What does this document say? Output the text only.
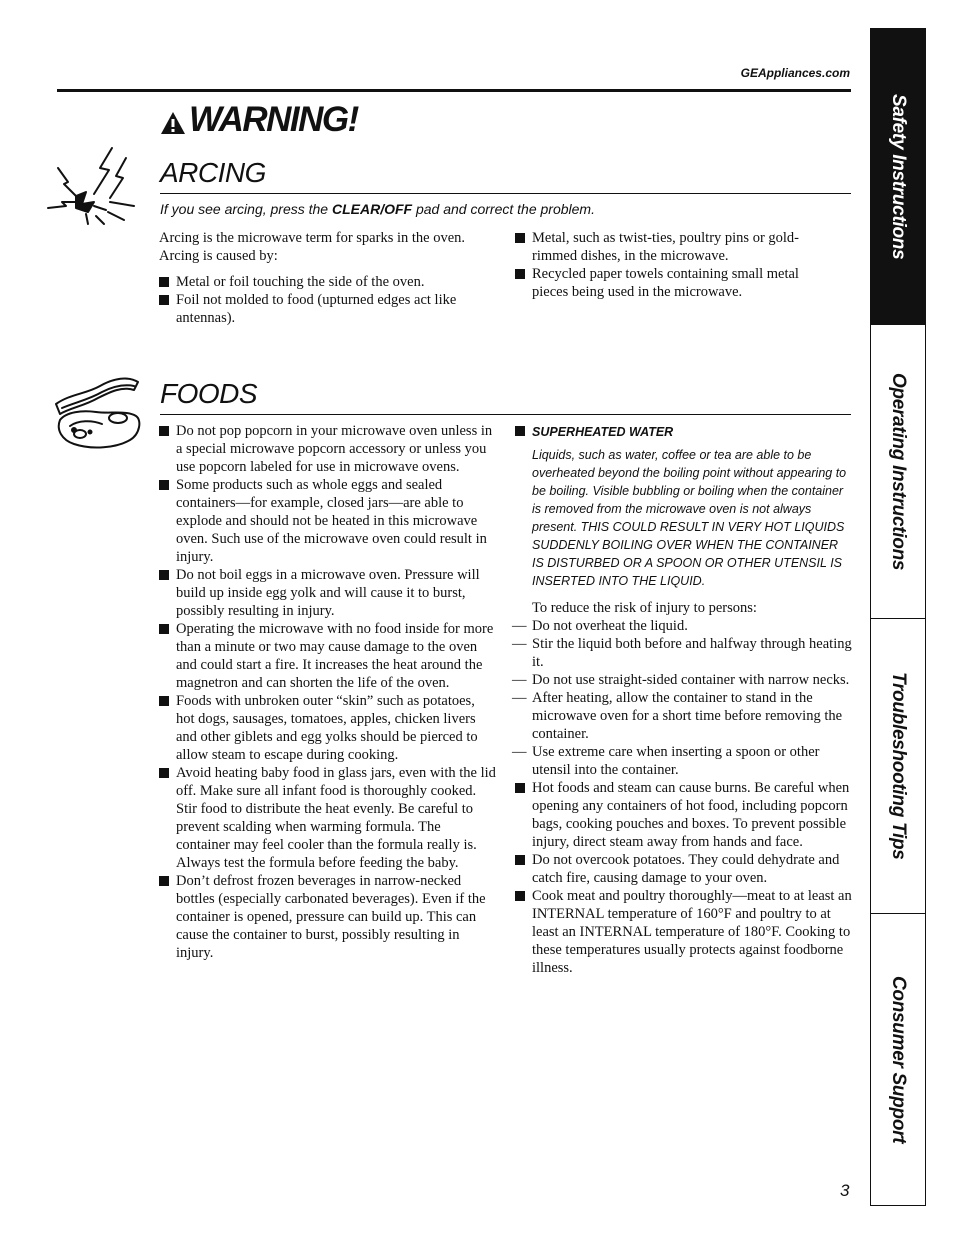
GEAppliances.com
WARNING!
ARCING
If you see arcing, press the CLEAR/OFF pad and correct the problem.

Arcing is the microwave term for sparks in the oven. Arcing is caused by:

Metal or foil touching the side of the oven.

Foil not molded to food (upturned edges act like antennas).

Metal, such as twist-ties, poultry pins or gold-rimmed dishes, in the microwave.

Recycled paper towels containing small metal pieces being used in the microwave.

FOODS

Do not pop popcorn in your microwave oven unless in a special microwave popcorn accessory or unless you use popcorn labeled for use in microwave ovens.

Some products such as whole eggs and sealed containers—for example, closed jars—are able to explode and should not be heated in this microwave oven. Such use of the microwave oven could result in injury.

Do not boil eggs in a microwave oven. Pressure will build up inside egg yolk and will cause it to burst, possibly resulting in injury.

Operating the microwave with no food inside for more than a minute or two may cause damage to the oven and could start a fire. It increases the heat around the magnetron and can shorten the life of the oven.

Foods with unbroken outer “skin” such as potatoes, hot dogs, sausages, tomatoes, apples, chicken livers and other giblets and egg yolks should be pierced to allow steam to escape during cooking.

Avoid heating baby food in glass jars, even with the lid off. Make sure all infant food is thoroughly cooked. Stir food to distribute the heat evenly. Be careful to prevent scalding when warming formula. The container may feel cooler than the formula really is. Always test the formula before feeding the baby.

Don’t defrost frozen beverages in narrow-necked bottles (especially carbonated beverages). Even if the container is opened, pressure can build up. This can cause the container to burst, possibly resulting in injury.

SUPERHEATED WATER
Liquids, such as water, coffee or tea are able to be overheated beyond the boiling point without appearing to be boiling. Visible bubbling or boiling when the container is removed from the microwave oven is not always present. THIS COULD RESULT IN VERY HOT LIQUIDS SUDDENLY BOILING OVER WHEN THE CONTAINER IS DISTURBED OR A SPOON OR OTHER UTENSIL IS INSERTED INTO THE LIQUID.

To reduce the risk of injury to persons:

— Do not overheat the liquid.

— Stir the liquid both before and halfway through heating it.

— Do not use straight-sided container with narrow necks.

— After heating, allow the container to stand in the microwave oven for a short time before removing the container.

— Use extreme care when inserting a spoon or other utensil into the container.

Hot foods and steam can cause burns. Be careful when opening any containers of hot food, including popcorn bags, cooking pouches and boxes. To prevent possible injury, direct steam away from hands and face.

Do not overcook potatoes. They could dehydrate and catch fire, causing damage to your oven.

Cook meat and poultry thoroughly—meat to at least an INTERNAL temperature of 160°F and poultry to at least an INTERNAL temperature of 180°F. Cooking to these temperatures usually protects against foodborne illness.

Safety Instructions
Operating Instructions
Troubleshooting Tips
Consumer Support
3
